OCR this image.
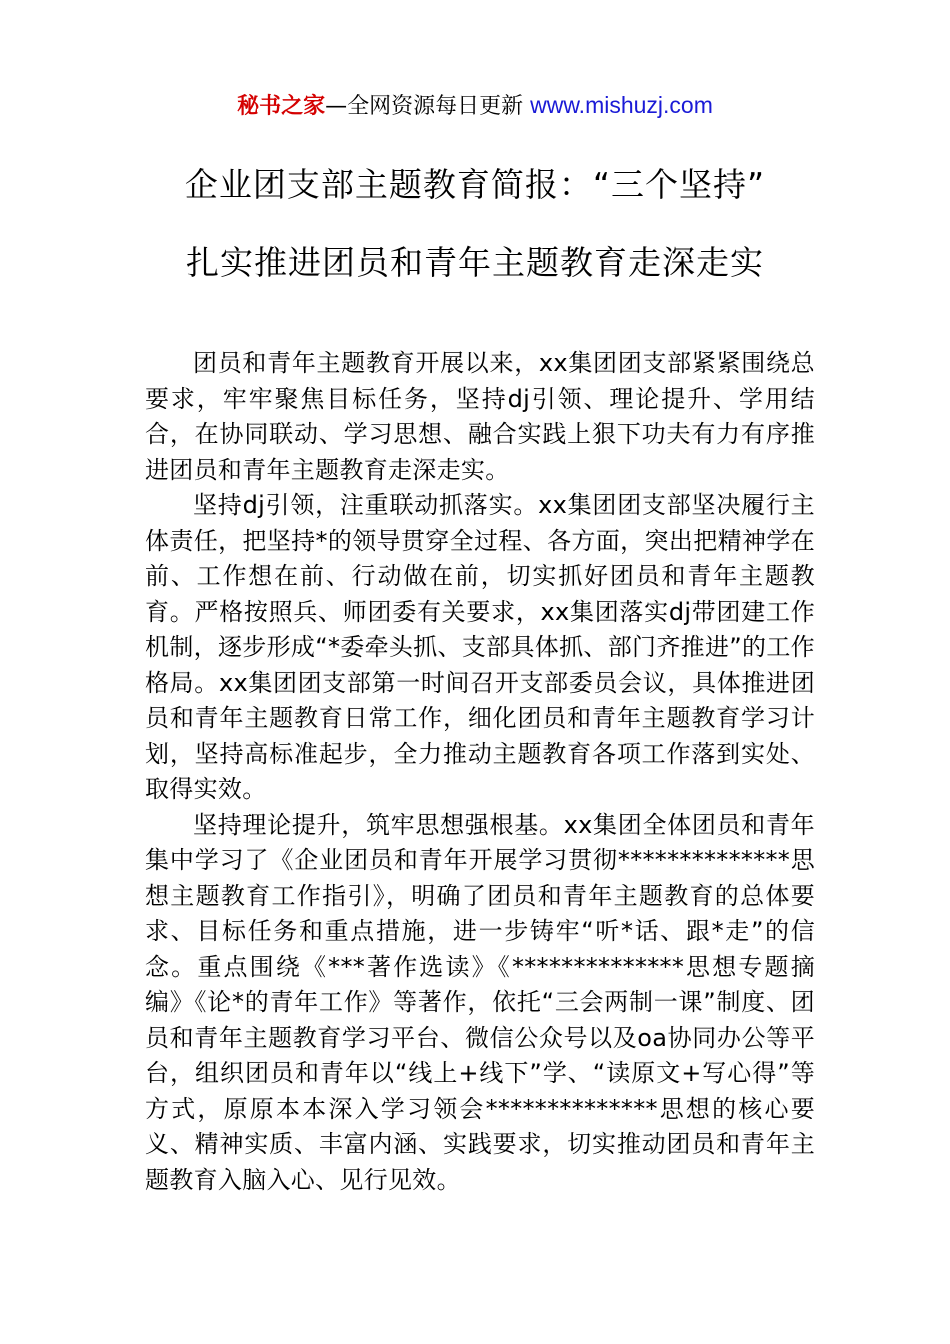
秘书之家—全网资源每日更新 www.mishuzj.com
企业团支部主题教育简报：“三个坚持”
扎实推进团员和青年主题教育走深走实

团员和青年主题教育开展以来，xx集团团支部紧紧围绕总要求，牢牢聚焦目标任务，坚持dj引领、理论提升、学用结合，在协同联动、学习思想、融合实践上狠下功夫有力有序推进团员和青年主题教育走深走实。

坚持dj引领，注重联动抓落实。xx集团团支部坚决履行主体责任，把坚持*的领导贯穿全过程、各方面，突出把精神学在前、工作想在前、行动做在前，切实抓好团员和青年主题教育。严格按照兵、师团委有关要求，xx集团落实dj带团建工作机制，逐步形成“*委牵头抓、支部具体抓、部门齐推进”的工作格局。xx集团团支部第一时间召开支部委员会议，具体推进团员和青年主题教育日常工作，细化团员和青年主题教育学习计划，坚持高标准起步，全力推动主题教育各项工作落到实处、取得实效。

坚持理论提升，筑牢思想强根基。xx集团全体团员和青年集中学习了《企业团员和青年开展学习贯彻**************思想主题教育工作指引》，明确了团员和青年主题教育的总体要求、目标任务和重点措施，进一步铸牢“听*话、跟*走”的信念。重点围绕《***著作选读》《**************思想专题摘编》《论*的青年工作》等著作，依托“三会两制一课”制度、团员和青年主题教育学习平台、微信公众号以及oa协同办公等平台，组织团员和青年以“线上+线下”学、“读原文+写心得”等方式，原原本本深入学习领会**************思想的核心要义、精神实质、丰富内涵、实践要求，切实推动团员和青年主题教育入脑入心、见行见效。
